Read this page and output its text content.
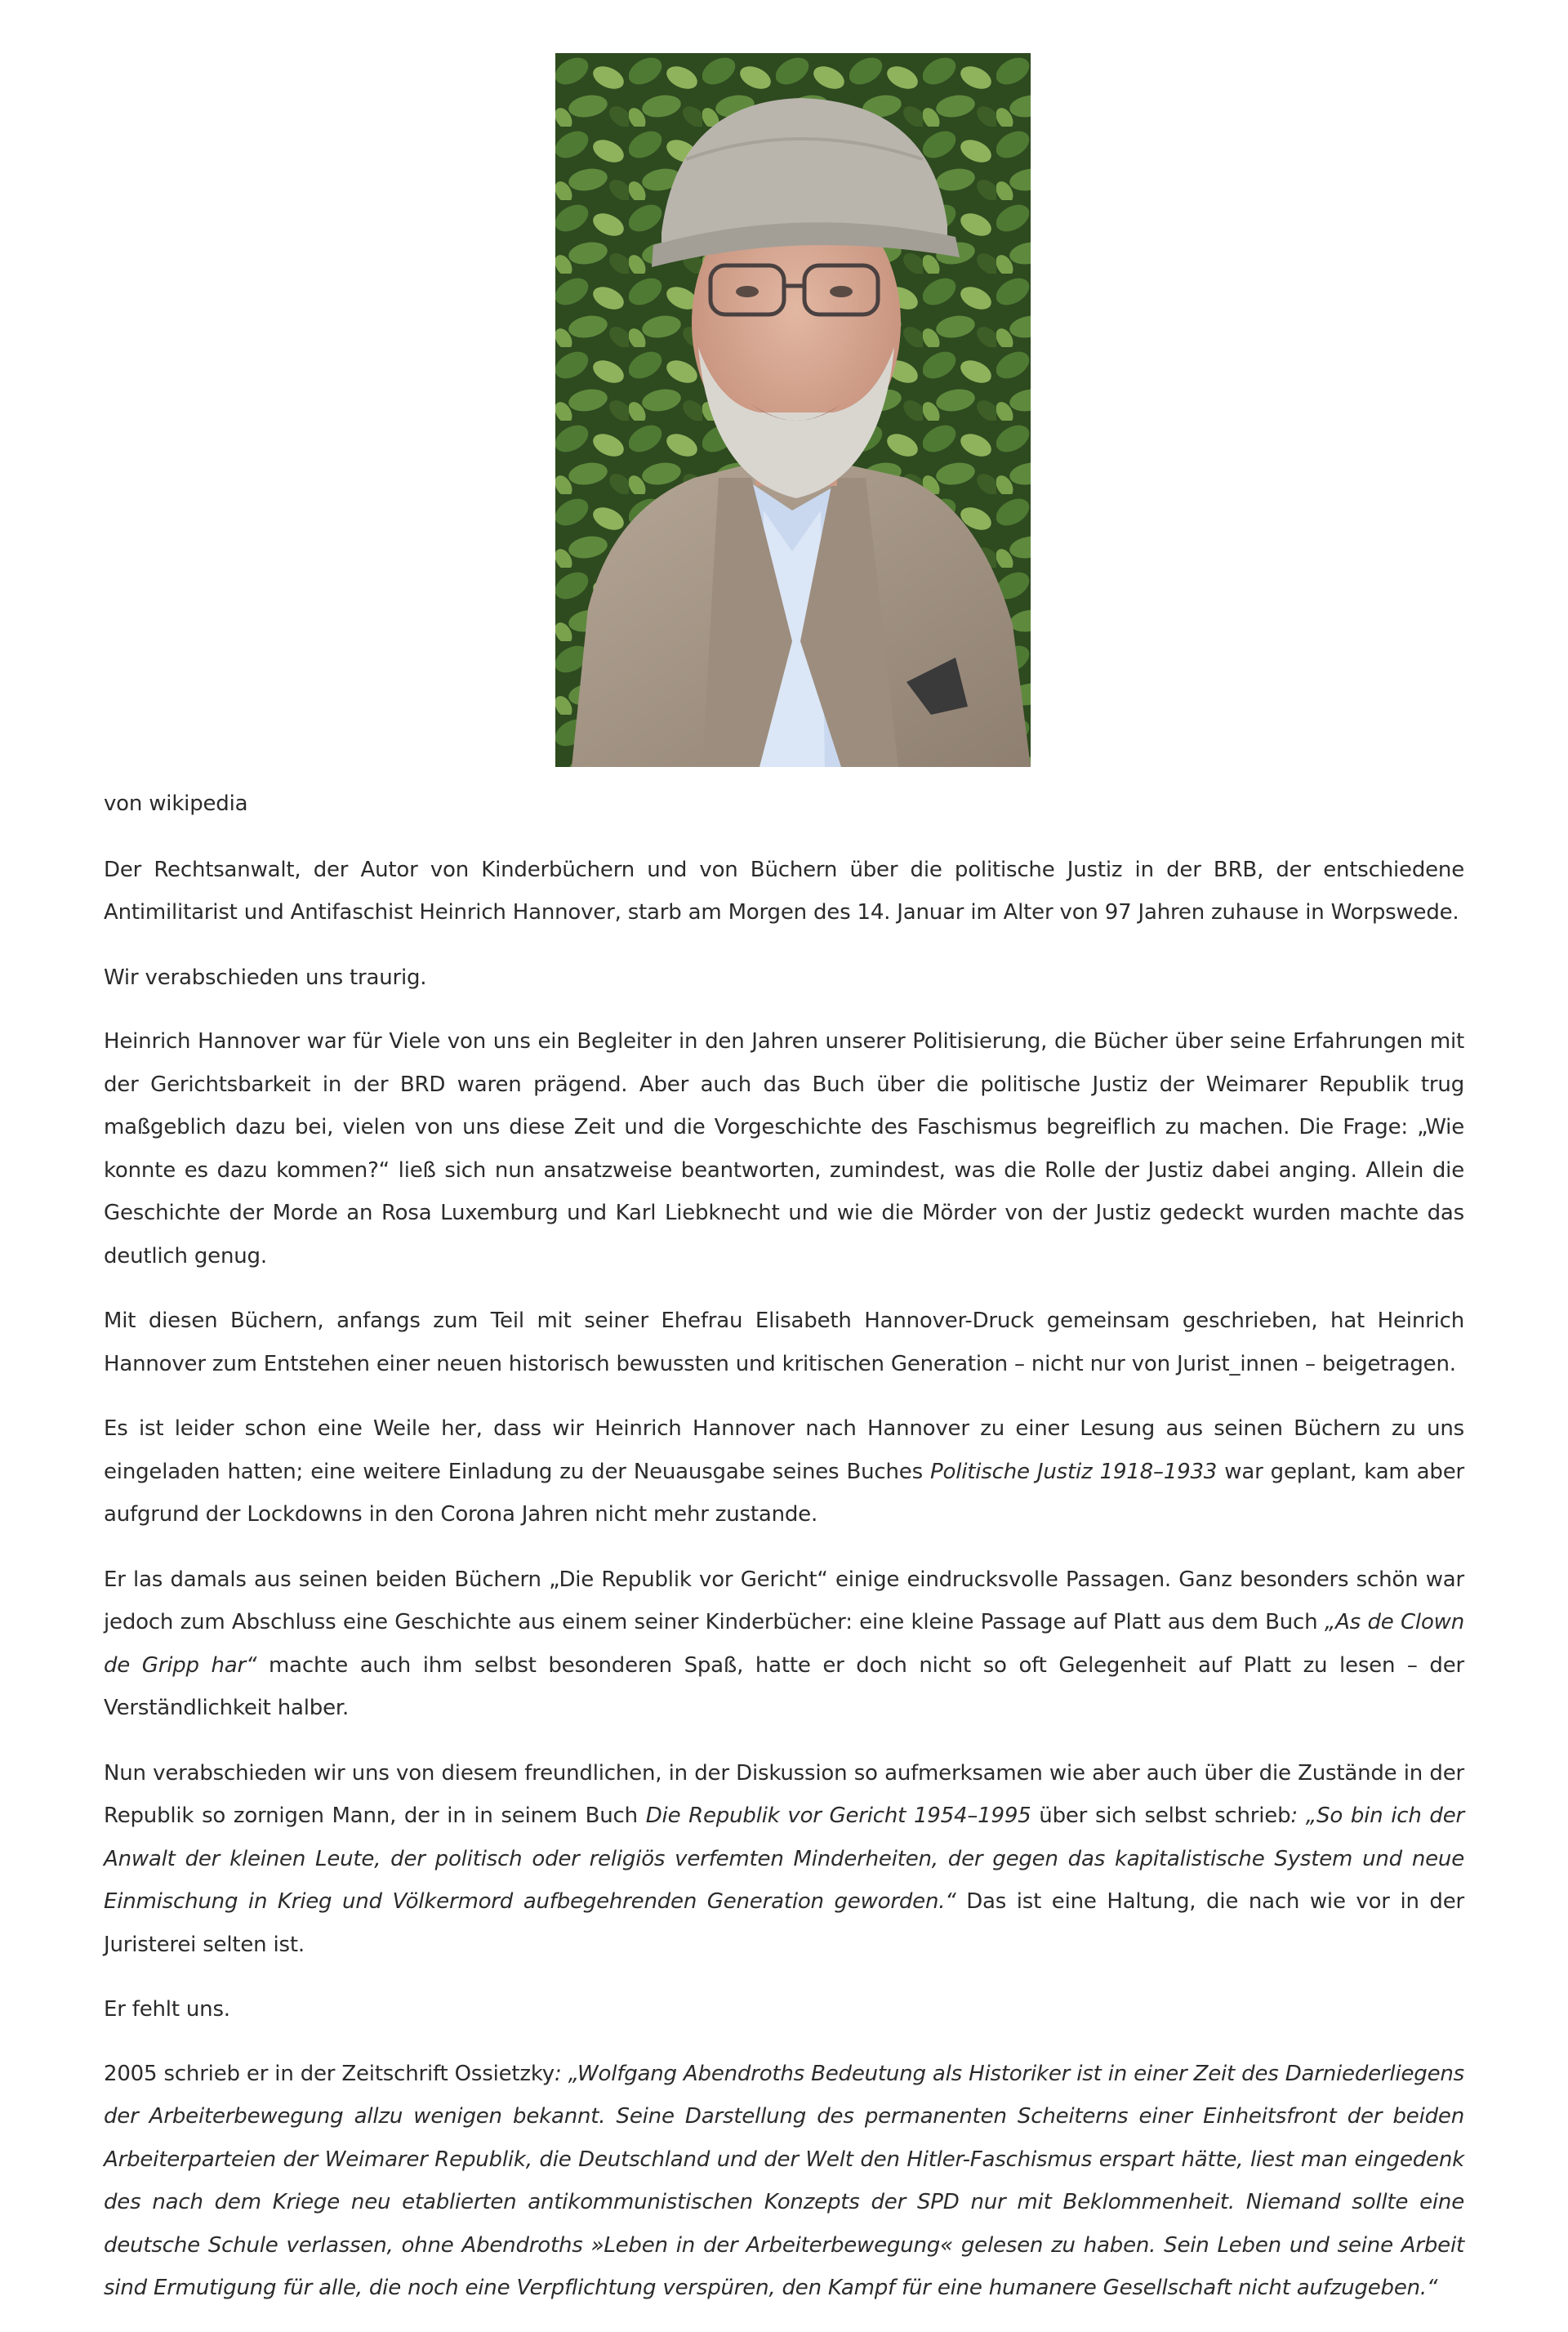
von wikipedia

Der Rechtsanwalt, der Autor von Kinderbüchern und von Büchern über die politische Justiz in der BRB, der entschiedene Antimilitarist und Antifaschist Heinrich Hannover, starb am Morgen des 14. Januar im Alter von 97 Jahren zuhause in Worpswede.

Wir verabschieden uns traurig.

Heinrich Hannover war für Viele von uns ein Begleiter in den Jahren unserer Politisierung, die Bücher über seine Erfahrungen mit der Gerichtsbarkeit in der BRD waren prägend. Aber auch das Buch über die politische Justiz der Weimarer Republik trug maßgeblich dazu bei, vielen von uns diese Zeit und die Vorgeschichte des Faschismus begreiflich zu machen. Die Frage: „Wie konnte es dazu kommen?“ ließ sich nun ansatzweise beantworten, zumindest, was die Rolle der Justiz dabei anging. Allein die Geschichte der Morde an Rosa Luxemburg und Karl Liebknecht und wie die Mörder von der Justiz gedeckt wurden machte das deutlich genug.

Mit diesen Büchern, anfangs zum Teil mit seiner Ehefrau Elisabeth Hannover-Druck gemeinsam geschrieben, hat Heinrich Hannover zum Entstehen einer neuen historisch bewussten und kritischen Generation – nicht nur von Jurist_innen – beigetragen.

Es ist leider schon eine Weile her, dass wir Heinrich Hannover nach Hannover zu einer Lesung aus seinen Büchern zu uns eingeladen hatten; eine weitere Einladung zu der Neuausgabe seines Buches Politische Justiz 1918–1933 war geplant, kam aber aufgrund der Lockdowns in den Corona Jahren nicht mehr zustande.

Er las damals aus seinen beiden Büchern „Die Republik vor Gericht“ einige eindrucksvolle Passagen. Ganz besonders schön war jedoch zum Abschluss eine Geschichte aus einem seiner Kinderbücher: eine kleine Passage auf Platt aus dem Buch „As de Clown de Gripp har“ machte auch ihm selbst besonderen Spaß, hatte er doch nicht so oft Gelegenheit auf Platt zu lesen – der Verständlichkeit halber.

Nun verabschieden wir uns von diesem freundlichen, in der Diskussion so aufmerksamen wie aber auch über die Zustände in der Republik so zornigen Mann, der in in seinem Buch Die Republik vor Gericht 1954–1995 über sich selbst schrieb: „So bin ich der Anwalt der kleinen Leute, der politisch oder religiös verfemten Minderheiten, der gegen das kapitalistische System und neue Einmischung in Krieg und Völkermord aufbegehrenden Generation geworden.“ Das ist eine Haltung, die nach wie vor in der Juristerei selten ist.

Er fehlt uns.

2005 schrieb er in der Zeitschrift Ossietzky: „Wolfgang Abendroths Bedeutung als Historiker ist in einer Zeit des Darniederliegens der Arbeiterbewegung allzu wenigen bekannt. Seine Darstellung des permanenten Scheiterns einer Einheitsfront der beiden Arbeiterparteien der Weimarer Republik, die Deutschland und der Welt den Hitler-Faschismus erspart hätte, liest man eingedenk des nach dem Kriege neu etablierten antikommunistischen Konzepts der SPD nur mit Beklommenheit. Niemand sollte eine deutsche Schule verlassen, ohne Abendroths »Leben in der Arbeiterbewegung« gelesen zu haben. Sein Leben und seine Arbeit sind Ermutigung für alle, die noch eine Verpflichtung verspüren, den Kampf für eine humanere Gesellschaft nicht aufzugeben.“
